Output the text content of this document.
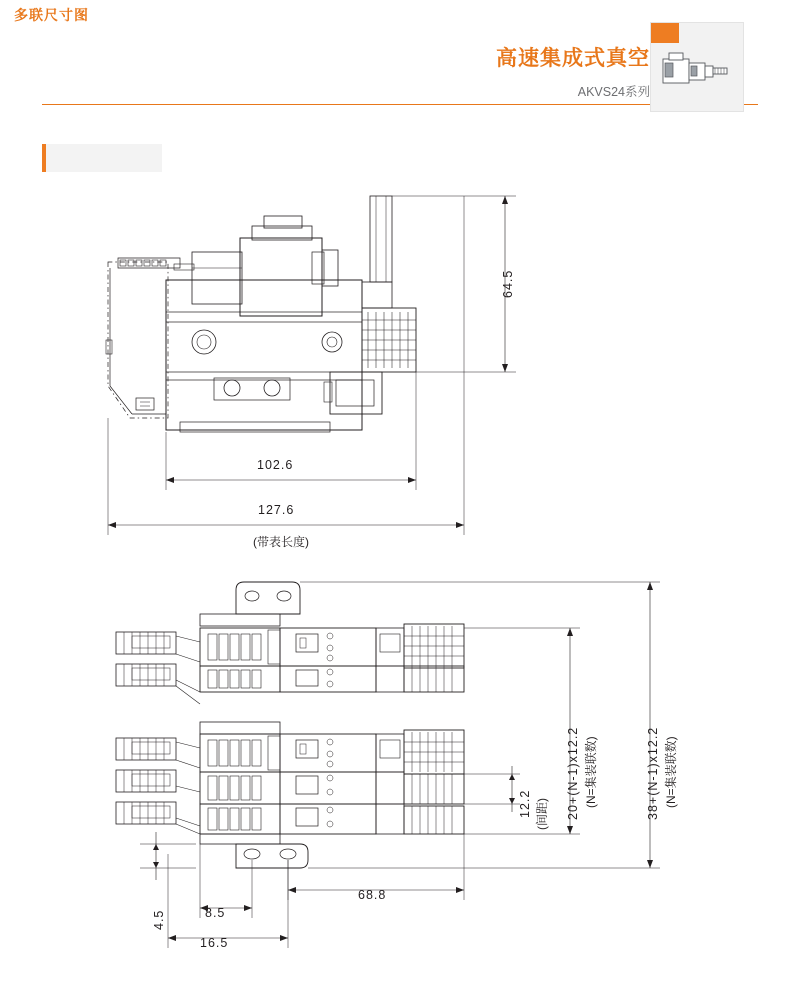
高速集成式真空
AKVS24系列
多联尺寸图
64.5
102.6
127.6
(带表长度)
12.2 (间距) 20+(N-1)x12.2 (N=集装联数)	38+(N-1)x12.2 (N=集装联数)
68.8
8.5
16.5
4.5
